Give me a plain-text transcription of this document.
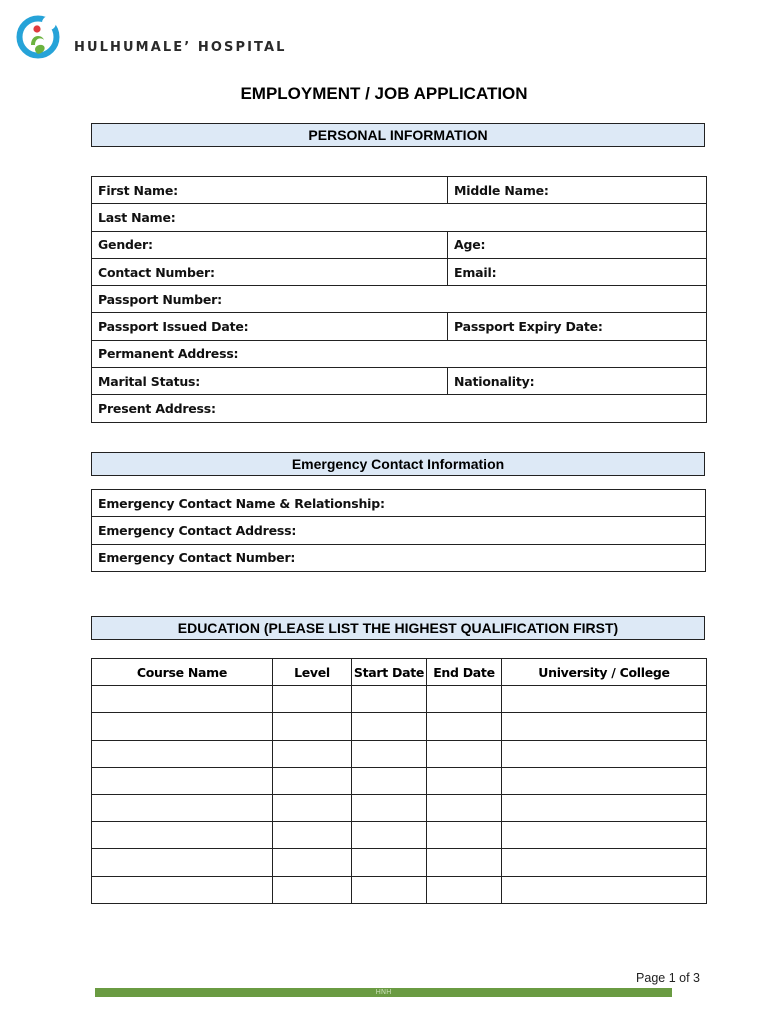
HULHUMALE’ HOSPITAL
EMPLOYMENT / JOB APPLICATION
PERSONAL INFORMATION
First Name:	Middle Name:
Last Name:	
Gender:	Age:
Contact Number:	Email:
Passport Number:	
Passport Issued Date:	Passport Expiry Date:
Permanent Address:	
Marital Status:	Nationality:
Present Address:	
Emergency Contact Information
Emergency Contact Name & Relationship:
Emergency Contact Address:
Emergency Contact Number:
EDUCATION (PLEASE LIST THE HIGHEST QUALIFICATION FIRST)
Course Name	Level	Start Date	End Date	University / College

Page 1 of 3
HNH
